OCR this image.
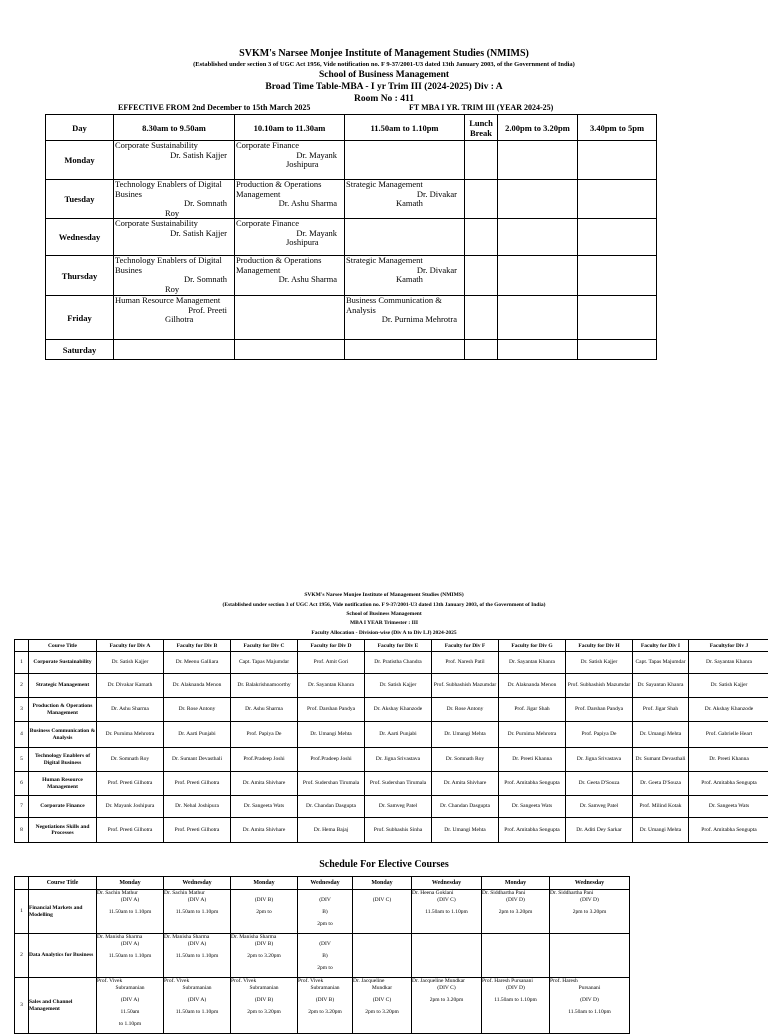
SVKM's Narsee Monjee Institute of Management Studies (NMIMS)
(Established under section 3 of UGC Act 1956, Vide notification no. F 9-37/2001-U3 dated 13th January 2003, of the Government of India)
School of Business Management
Broad Time Table-MBA - I yr Trim III (2024-2025) Div : A
Room No : 411
EFFECTIVE FROM 2nd December to 15th March 2025	FT MBA I YR. TRIM III (YEAR 2024-25)
Day	8.30am to 9.50am	10.10am to 11.30am	11.50am to 1.10pm	Lunch Break	2.00pm to 3.20pm	3.40pm to 5pm
Monday	Corporate Sustainability
Dr. Satish Kajjer	Corporate Finance
Dr. Mayank
Joshipura				

Tuesday	Technology Enablers of Digital Busines
Dr. Somnath
Roy	Production & Operations Management
Dr. Ashu Sharma	Strategic Management
Dr. Divakar
Kamath			

Wednesday	Corporate Sustainability
Dr. Satish Kajjer	Corporate Finance
Dr. Mayank
Joshipura				

Thursday	Technology Enablers of Digital Busines
Dr. Somnath
Roy	Production & Operations Management
Dr. Ashu Sharma	Strategic Management
Dr. Divakar
Kamath			

Friday	Human Resource Management
Prof. Preeti
Gilhotra		Business Communication & Analysis
Dr. Purnima Mehrotra			

Saturday	

SVKM's Narsee Monjee Institute of Management Studies (NMIMS)
(Established under section 3 of UGC Act 1956, Vide notification no. F 9-37/2001-U3 dated 13th January 2003, of the Government of India)
School of Business Management
MBA I YEAR Trimester : III
Faculty Allocation - Division-wise (Div A to Div LJ) 2024-2025
	Course Title	Faculty for Div A	Faculty for Div B	Faculty for Div C	Faculty for Div D	Faculty for Div E	Faculty for Div F	Faculty for Div G	Faculty for Div H	Faculty for Div I	Facultyfor Div J
1	Corporate Sustainability	Dr. Satish Kajjer	Dr. Meenu Galliara	Capt. Tapas Majumdar	Prof. Amit Gori	Dr. Pratistha Chandra	Prof. Naresh Patil	Dr. Sayantan Khanra	Dr. Satish Kajjer	Capt. Tapas Majumdar	Dr. Sayantan Khanra
2	Strategic Management	Dr. Divakar Kamath	Dr. Alaknanda Menon	Dr. Balakrishnamoorthy	Dr. Sayantan Khanra	Dr. Satish Kajjer	Prof. Subhashish Mazumdar	Dr. Alaknanda Menon	Prof. Subhashish Mazumdar	Dr. Sayantan Khanra	Dr. Satish Kajjer
3	Production & Operations Management	Dr. Ashu Sharma	Dr. Rose Antony	Dr. Ashu Sharma	Prof. Darshan Pandya	Dr. Akshay Khanzode	Dr. Rose Antony	Prof. Jigar Shah	Prof. Darshan Pandya	Prof. Jigar Shah	Dr. Akshay Khanzode
4	Business Communication & Analysis	Dr. Purnima Mehrotra	Dr. Aarti Punjabi	Prof. Papiya De	Dr. Umangi Mehta	Dr. Aarti Punjabi	Dr. Umangi Mehta	Dr. Purnima Mehrotra	Prof. Papiya De	Dr. Umangi Mehta	Prof. Gabrielle Heart
5	Technology Enablers of Digital Business	Dr. Somnath Roy	Dr. Sumant Devasthali	Prof.Pradeep Joshi	Prof.Pradeep Joshi	Dr. Jigna Srivastava	Dr. Somnath Roy	Dr. Preeti Khanna	Dr. Jigna Srivastava	Dr. Sumant Devasthali	Dr. Preeti Khanna
6	Human Resource Management	Prof. Preeti Gilhotra	Prof. Preeti Gilhotra	Dr. Amita Shivhare	Prof. Sudershan Tirumala	Prof. Sudershan Tirumala	Dr. Amita Shivhare	Prof. Amitabha Sengupta	Dr. Geeta D'Souza	Dr. Geeta D'Souza	Prof. Amitabha Sengupta
7	Corporate Finance	Dr. Mayank Joshipura	Dr. Nehal Joshipura	Dr. Sangeeta Wats	Dr. Chandan Dasgupta	Dr. Samveg Patel	Dr. Chandan Dasgupta	Dr. Sangeeta Wats	Dr. Samveg Patel	Prof. Milind Kotak	Dr. Sangeeta Wats
8	Negotiations Skills and Processes	Prof. Preeti Gilhotra	Prof. Preeti Gilhotra	Dr. Amita Shivhare	Dr. Hema Bajaj	Prof. Subhashis Sinha	Dr. Umangi Mehta	Prof. Amitabha Sengupta	Dr. Aditi Dey Sarkar	Dr. Umangi Mehta	Prof. Amitabha Sengupta
Schedule For Elective Courses
	Course Title	Monday	Wednesday	Monday	Wednesday	Monday	Wednesday	Monday	Wednesday
1	Financial Markets and Modelling	Dr. Sachin Mathur
(DIV A)
11.50am to 1.10pm	Dr. Sachin Mathur
(DIV A)
11.50am to 1.10pm	(DIV B)
2pm to	(DIV
B)
2pm to	(DIV C)	Dr. Heena Goklani
(DIV C)
11.50am to 1.10pm	Dr. Siddhartha Pani
(DIV D)
2pm to 3.20pm	Dr. Siddhartha Pani
(DIV D)
2pm to 3.20pm

2	Data Analytics for Business	Dr. Manisha Sharma
(DIV A)
11.50am to 1.10pm	Dr. Manisha Sharma
(DIV A)
11.50am to 1.10pm	Dr. Manisha Sharma
(DIV B)
2pm to 3.20pm	(DIV
B)
2pm to				

3	Sales and Channel Management	Prof. Vivek
Subramanian
(DIV A)
11.50am
to 1.10pm	Prof. Vivek
Subramanian
(DIV A)
11.50am to 1.10pm	Prof. Vivek
Subramanian
(DIV B)
2pm to 3.20pm	Prof. Vivek
Subramanian
(DIV B)
2pm to 3.20pm	Dr. Jacqueline
Mundkar
(DIV C)
2pm to 3.20pm	Dr. Jacqueline Mundkar
(DIV C)
2pm to 3.20pm	Prof. Haresh Pursanani
(DIV D)
11.50am to 1.10pm	Prof. Haresh
Pursanani
(DIV D)
11.50am to 1.10pm
